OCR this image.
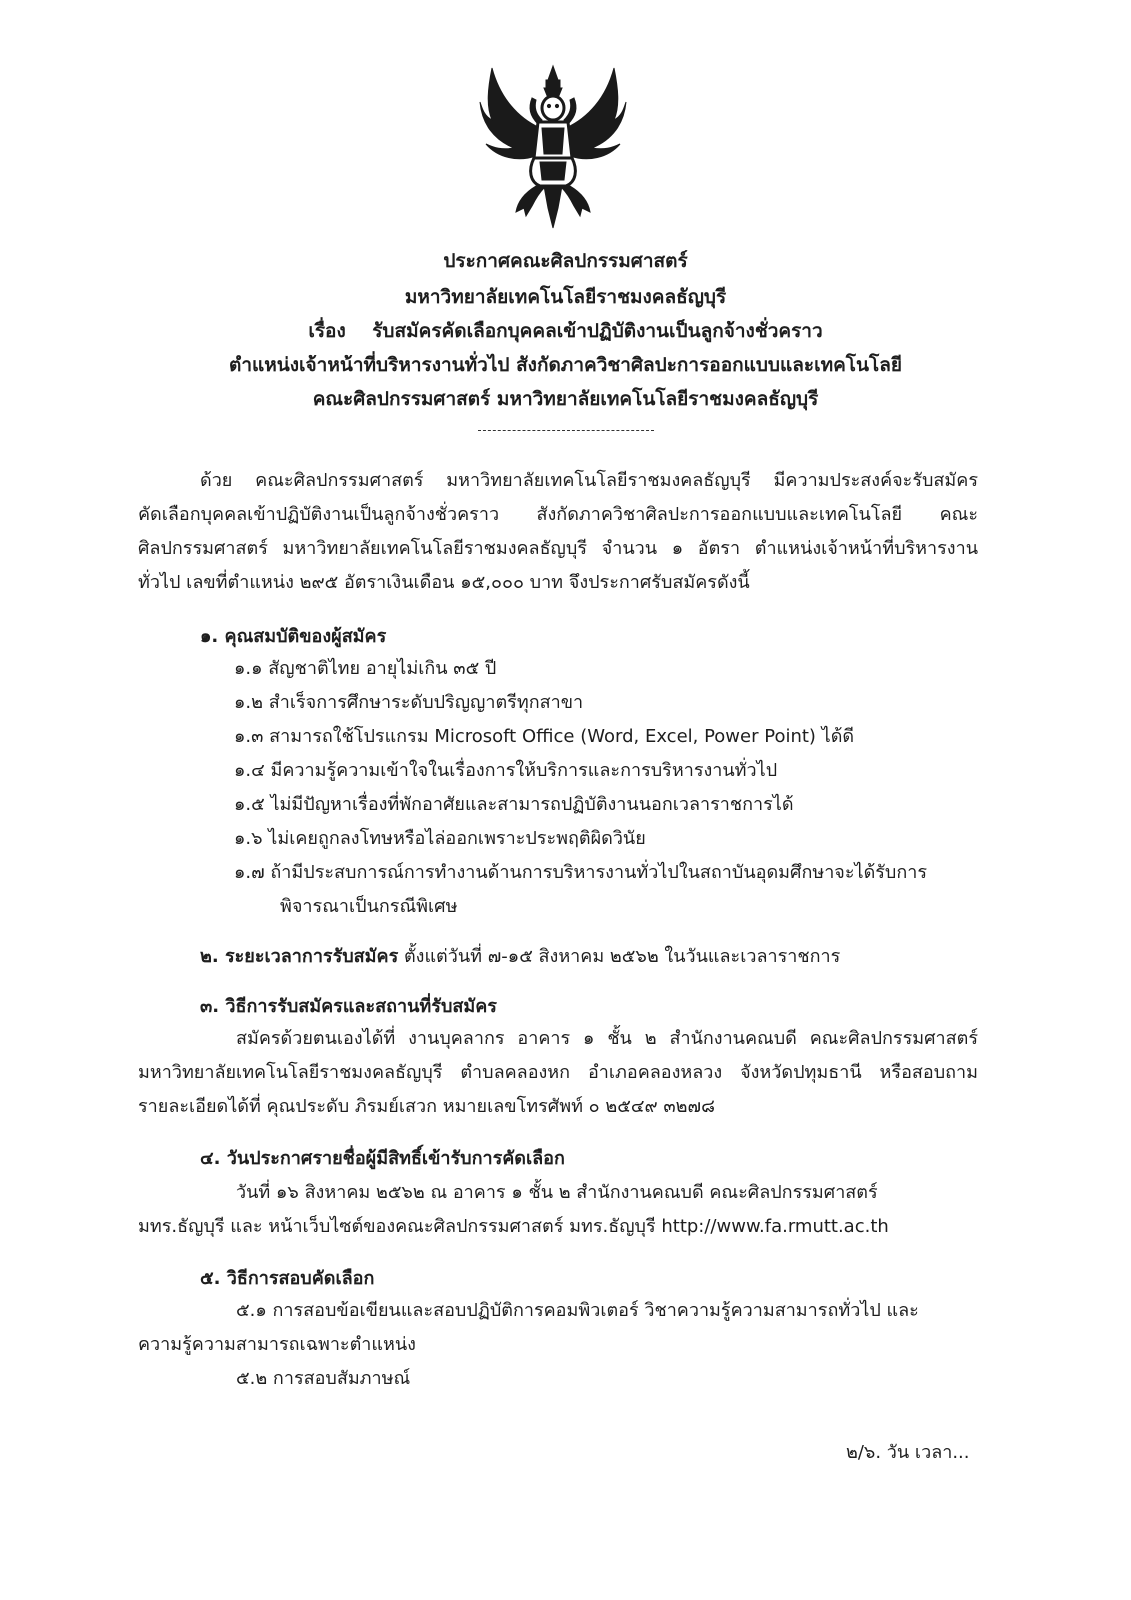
ประกาศคณะศิลปกรรมศาสตร์
มหาวิทยาลัยเทคโนโลยีราชมงคลธัญบุรี
เรื่อง รับสมัครคัดเลือกบุคคลเข้าปฏิบัติงานเป็นลูกจ้างชั่วคราว
ตำแหน่งเจ้าหน้าที่บริหารงานทั่วไป สังกัดภาควิชาศิลปะการออกแบบและเทคโนโลยี
คณะศิลปกรรมศาสตร์ มหาวิทยาลัยเทคโนโลยีราชมงคลธัญบุรี
ด้วย คณะศิลปกรรมศาสตร์ มหาวิทยาลัยเทคโนโลยีราชมงคลธัญบุรี มีความประสงค์จะรับสมัคร
คัดเลือกบุคคลเข้าปฏิบัติงานเป็นลูกจ้างชั่วคราว สังกัดภาควิชาศิลปะการออกแบบและเทคโนโลยี คณะ
ศิลปกรรมศาสตร์ มหาวิทยาลัยเทคโนโลยีราชมงคลธัญบุรี จำนวน ๑ อัตรา ตำแหน่งเจ้าหน้าที่บริหารงาน
ทั่วไป เลขที่ตำแหน่ง ๒๙๕ อัตราเงินเดือน ๑๕,๐๐๐ บาท จึงประกาศรับสมัครดังนี้
๑. คุณสมบัติของผู้สมัคร
๑.๑ สัญชาติไทย อายุไม่เกิน ๓๕ ปี
๑.๒ สำเร็จการศึกษาระดับปริญญาตรีทุกสาขา
๑.๓ สามารถใช้โปรแกรม Microsoft Office (Word, Excel, Power Point) ได้ดี
๑.๔ มีความรู้ความเข้าใจในเรื่องการให้บริการและการบริหารงานทั่วไป
๑.๕ ไม่มีปัญหาเรื่องที่พักอาศัยและสามารถปฏิบัติงานนอกเวลาราชการได้
๑.๖ ไม่เคยถูกลงโทษหรือไล่ออกเพราะประพฤติผิดวินัย
๑.๗ ถ้ามีประสบการณ์การทำงานด้านการบริหารงานทั่วไปในสถาบันอุดมศึกษาจะได้รับการ
พิจารณาเป็นกรณีพิเศษ
๒. ระยะเวลาการรับสมัคร ตั้งแต่วันที่ ๗-๑๕ สิงหาคม ๒๕๖๒ ในวันและเวลาราชการ
๓. วิธีการรับสมัครและสถานที่รับสมัคร
สมัครด้วยตนเองได้ที่ งานบุคลากร อาคาร ๑ ชั้น ๒ สำนักงานคณบดี คณะศิลปกรรมศาสตร์
มหาวิทยาลัยเทคโนโลยีราชมงคลธัญบุรี ตำบลคลองหก อำเภอคลองหลวง จังหวัดปทุมธานี หรือสอบถาม
รายละเอียดได้ที่ คุณประดับ ภิรมย์เสวก หมายเลขโทรศัพท์ ๐ ๒๕๔๙ ๓๒๗๘
๔. วันประกาศรายชื่อผู้มีสิทธิ์เข้ารับการคัดเลือก
วันที่ ๑๖ สิงหาคม ๒๕๖๒ ณ อาคาร ๑ ชั้น ๒ สำนักงานคณบดี คณะศิลปกรรมศาสตร์
มทร.ธัญบุรี และ หน้าเว็บไซต์ของคณะศิลปกรรมศาสตร์ มทร.ธัญบุรี http://www.fa.rmutt.ac.th
๕. วิธีการสอบคัดเลือก
๕.๑ การสอบข้อเขียนและสอบปฏิบัติการคอมพิวเตอร์ วิชาความรู้ความสามารถทั่วไป และ
ความรู้ความสามารถเฉพาะตำแหน่ง
๕.๒ การสอบสัมภาษณ์
๒/๖. วัน เวลา...
